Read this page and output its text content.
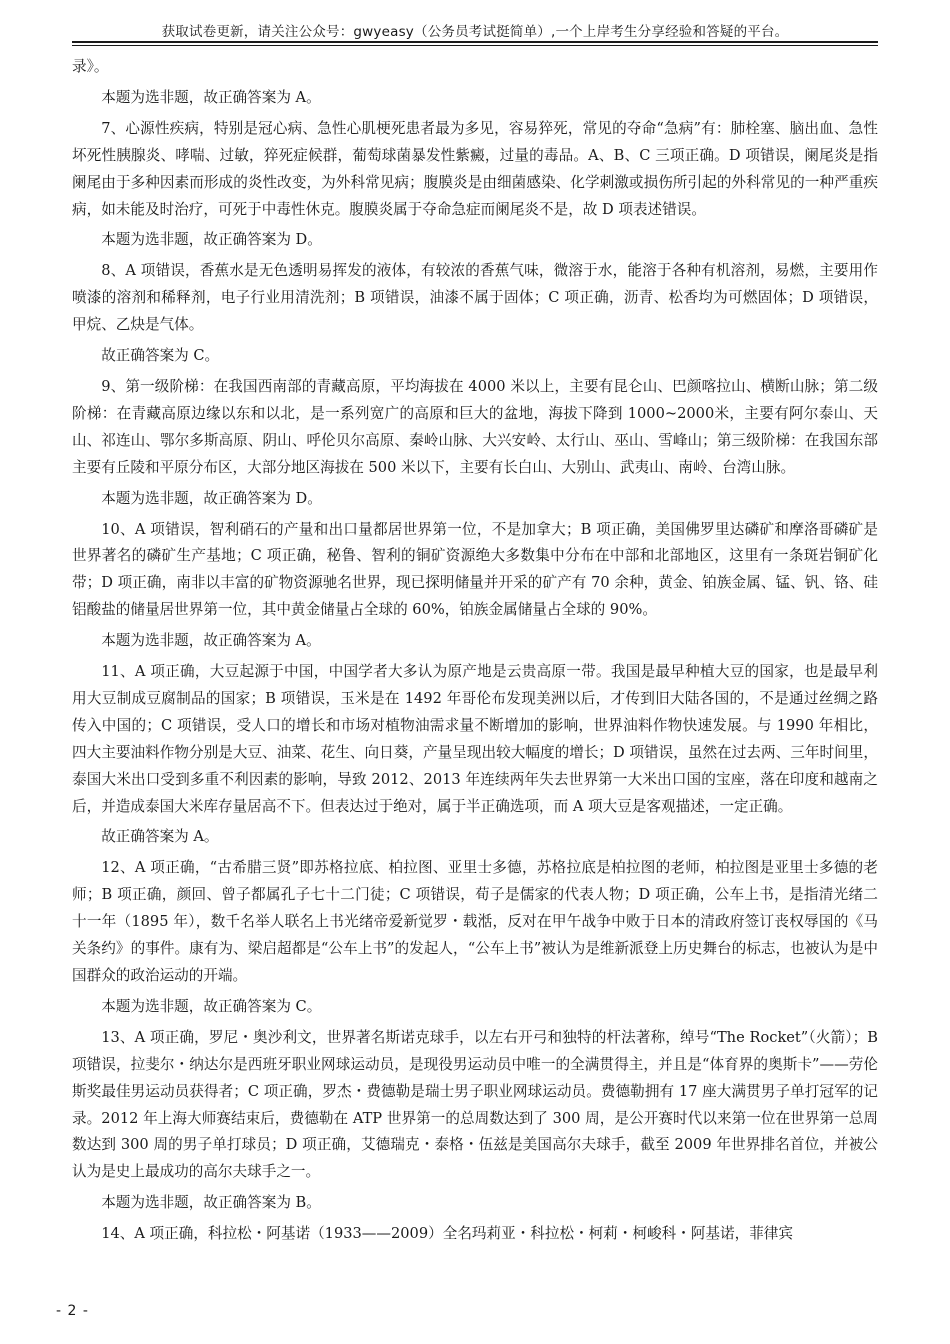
获取试卷更新，请关注公众号：gwyeasy（公务员考试挺简单）,一个上岸考生分享经验和答疑的平台。

录》。

本题为选非题，故正确答案为 A。

7、心源性疾病，特别是冠心病、急性心肌梗死患者最为多见，容易猝死，常见的夺命“急病”有：肺栓塞、脑出血、急性坏死性胰腺炎、哮喘、过敏，猝死症候群，葡萄球菌暴发性紫癜，过量的毒品。A、B、C 三项正确。D 项错误，阑尾炎是指阑尾由于多种因素而形成的炎性改变，为外科常见病；腹膜炎是由细菌感染、化学刺激或损伤所引起的外科常见的一种严重疾病，如未能及时治疗，可死于中毒性休克。腹膜炎属于夺命急症而阑尾炎不是，故 D 项表述错误。

本题为选非题，故正确答案为 D。

8、A 项错误，香蕉水是无色透明易挥发的液体，有较浓的香蕉气味，微溶于水，能溶于各种有机溶剂，易燃，主要用作喷漆的溶剂和稀释剂，电子行业用清洗剂；B 项错误，油漆不属于固体；C 项正确，沥青、松香均为可燃固体；D 项错误，甲烷、乙炔是气体。

故正确答案为 C。

9、第一级阶梯：在我国西南部的青藏高原，平均海拔在 4000 米以上，主要有昆仑山、巴颜喀拉山、横断山脉；第二级阶梯：在青藏高原边缘以东和以北，是一系列宽广的高原和巨大的盆地，海拔下降到 1000~2000米，主要有阿尔泰山、天山、祁连山、鄂尔多斯高原、阴山、呼伦贝尔高原、秦岭山脉、大兴安岭、太行山、巫山、雪峰山；第三级阶梯：在我国东部主要有丘陵和平原分布区，大部分地区海拔在 500 米以下，主要有长白山、大别山、武夷山、南岭、台湾山脉。

本题为选非题，故正确答案为 D。

10、A 项错误，智利硝石的产量和出口量都居世界第一位，不是加拿大；B 项正确，美国佛罗里达磷矿和摩洛哥磷矿是世界著名的磷矿生产基地；C 项正确，秘鲁、智利的铜矿资源绝大多数集中分布在中部和北部地区，这里有一条斑岩铜矿化带；D 项正确，南非以丰富的矿物资源驰名世界，现已探明储量并开采的矿产有 70 余种，黄金、铂族金属、锰、钒、铬、硅铝酸盐的储量居世界第一位，其中黄金储量占全球的 60%，铂族金属储量占全球的 90%。

本题为选非题，故正确答案为 A。

11、A 项正确，大豆起源于中国，中国学者大多认为原产地是云贵高原一带。我国是最早种植大豆的国家，也是最早利用大豆制成豆腐制品的国家；B 项错误，玉米是在 1492 年哥伦布发现美洲以后，才传到旧大陆各国的，不是通过丝绸之路传入中国的；C 项错误，受人口的增长和市场对植物油需求量不断增加的影响，世界油料作物快速发展。与 1990 年相比，四大主要油料作物分别是大豆、油菜、花生、向日葵，产量呈现出较大幅度的增长；D 项错误，虽然在过去两、三年时间里，泰国大米出口受到多重不利因素的影响，导致 2012、2013 年连续两年失去世界第一大米出口国的宝座，落在印度和越南之后，并造成泰国大米库存量居高不下。但表达过于绝对，属于半正确选项，而 A 项大豆是客观描述，一定正确。

故正确答案为 A。

12、A 项正确，“古希腊三贤”即苏格拉底、柏拉图、亚里士多德，苏格拉底是柏拉图的老师，柏拉图是亚里士多德的老师；B 项正确，颜回、曾子都属孔子七十二门徒；C 项错误，荀子是儒家的代表人物；D 项正确，公车上书，是指清光绪二十一年（1895 年），数千名举人联名上书光绪帝爱新觉罗・载湉，反对在甲午战争中败于日本的清政府签订丧权辱国的《马关条约》的事件。康有为、梁启超都是“公车上书”的发起人，“公车上书”被认为是维新派登上历史舞台的标志，也被认为是中国群众的政治运动的开端。

本题为选非题，故正确答案为 C。

13、A 项正确，罗尼・奥沙利文，世界著名斯诺克球手，以左右开弓和独特的杆法著称，绰号“The Rocket”（火箭）；B 项错误，拉斐尔・纳达尔是西班牙职业网球运动员，是现役男运动员中唯一的全满贯得主，并且是“体育界的奥斯卡”——劳伦斯奖最佳男运动员获得者；C 项正确，罗杰・费德勒是瑞士男子职业网球运动员。费德勒拥有 17 座大满贯男子单打冠军的记录。2012 年上海大师赛结束后，费德勒在 ATP 世界第一的总周数达到了 300 周，是公开赛时代以来第一位在世界第一总周数达到 300 周的男子单打球员；D 项正确，艾德瑞克・泰格・伍兹是美国高尔夫球手，截至 2009 年世界排名首位，并被公认为是史上最成功的高尔夫球手之一。

本题为选非题，故正确答案为 B。

14、A 项正确，科拉松・阿基诺（1933——2009）全名玛莉亚・科拉松・柯莉・柯峻科・阿基诺，菲律宾

- 2 -
